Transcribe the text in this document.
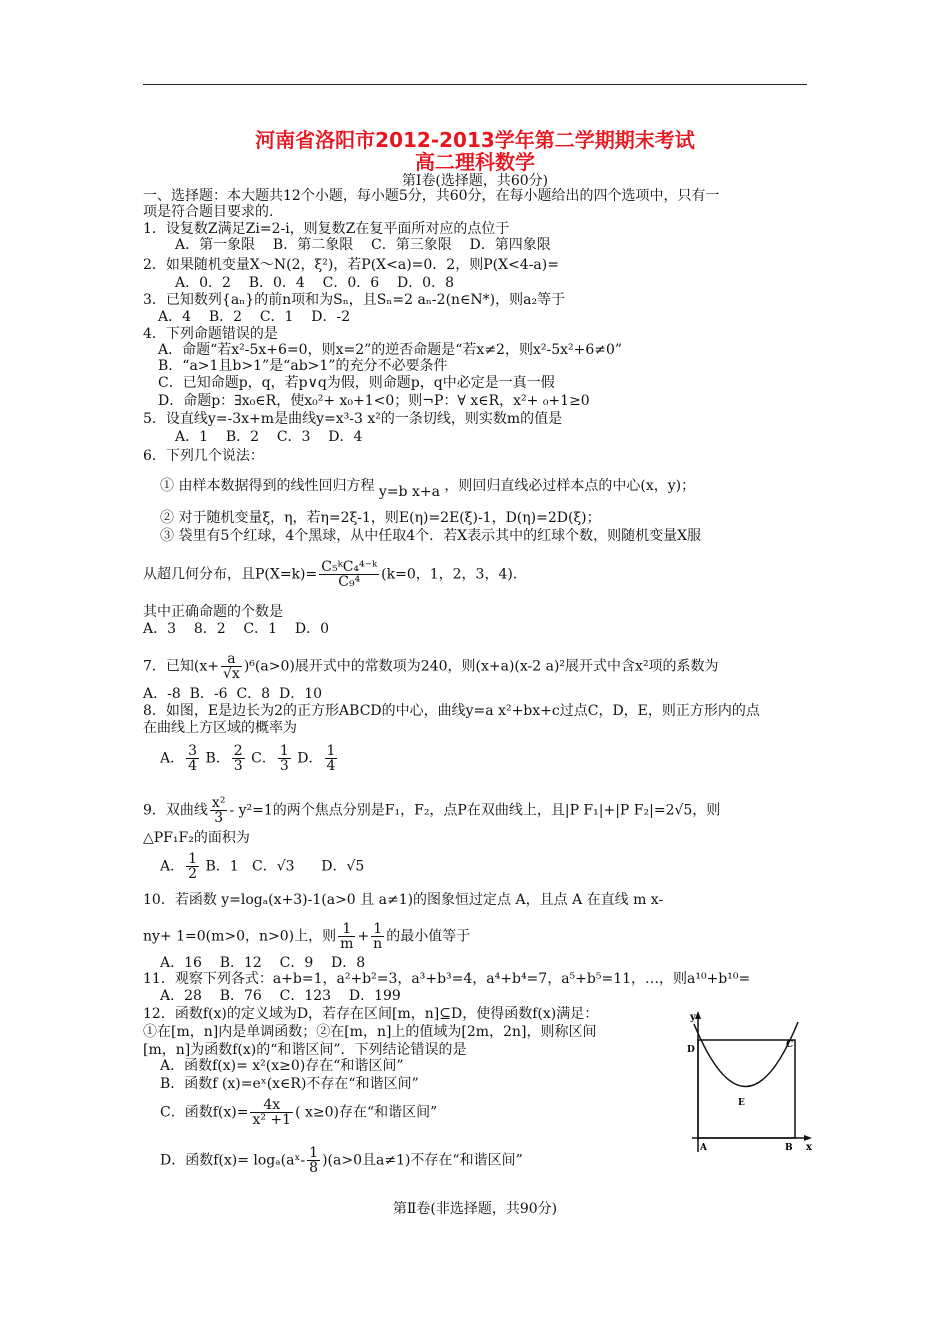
河南省洛阳市2012-2013学年第二学期期末考试
高二理科数学
第Ⅰ卷(选择题，共60分)
一、选择题：本大题共12个小题，每小题5分，共60分，在每小题给出的四个选项中，只有一
项是符合题目要求的.
1．设复数Z满足Zi=2-i，则复数Z在复平面所对应的点位于
A．第一象限    B．第二象限    C．第三象限    D．第四象限
2．如果随机变量X～N(2，ξ²)，若P(X<a)=0．2，则P(X<4-a)=
A．0．2    B．0．4    C．0．6    D．0．8
3．已知数列{aₙ}的前n项和为Sₙ，且Sₙ=2 aₙ-2(n∈N*)，则a₂等于
A．4    B．2    C．1    D．-2
4．下列命题错误的是
A．命题“若x²-5x+6=0，则x=2”的逆否命题是“若x≠2，则x²-5x²+6≠0”
B．“a>1且b>1”是“ab>1”的充分不必要条件
C．已知命题p，q，若p∨q为假，则命题p，q中必定是一真一假
D．命题p：∃x₀∈R，使x₀²+ x₀+1<0；则¬P：∀ x∈R，x²+ ₀+1≥0
5．设直线y=-3x+m是曲线y=x³-3 x²的一条切线，则实数m的值是
A．1    B．2    C．3    D．4
6．下列几个说法：
① 由样本数据得到的线性回归方程 y=b x+a ，则回归直线必过样本点的中心(x，y)；
② 对于随机变量ξ，η，若η=2ξ-1，则E(η)=2E(ξ)-1，D(η)=2D(ξ)；
③ 袋里有5个红球，4个黑球，从中任取4个．若X表示其中的红球个数，则随机变量X服
从超几何分布，且$P(X=k)= \frac{\text{C₅ᵏC₄⁴⁻ᵏ}}{\text{C₉⁴}} (k=0$，1，2，3，4)．
其中正确命题的个数是
A．3    8．2    C．1    D．0
7．已知$(x+ \frac{a}{√x} )^6(a>0)$展开式中的常数项为240，则(x+a)(x-2 a)²展开式中含x²项的系数为
A．-8  B．-6  C．8  D．10
8．如图，E是边长为2的正方形ABCD的中心，曲线y=a x²+bx+c过点C，D，E，则正方形内的点
在曲线上方区域的概率为
A． $\frac{3}{4}$ B． $\frac{2}{3}$ C． $\frac{1}{3}$ D． $\frac{1}{4}$
9．双曲线 $\frac{\text{x²}}{3} - y^2=1$的两个焦点分别是F₁，F₂，点P在双曲线上，且|P F₁|+|P F₂|=2√5，则
△PF₁F₂的面积为
A． $\frac{1}{2}$ B．1   C．√3      D．√5
10．若函数 y=logₐ(x+3)-1(a>0 且 a≠1)的图象恒过定点 A，且点 A 在直线 m x-
ny+ 1=0(m>0，n>0)上，则 $\frac{1}{m} + \frac{1}{n}$ 的最小值等于
A．16    B．12    C．9    D．8
11．观察下列各式：a+b=1，a²+b²=3，a³+b³=4，a⁴+b⁴=7，a⁵+b⁵=11，…，则a¹⁰+b¹⁰=
A．28    B．76    C．123    D．199
12．函数f(x)的定义域为D，若存在区间[m，n]⊆D，使得函数f(x)满足：
①在[m，n]内是单调函数；②在[m，n]上的值域为[2m，2n]，则称区间
[m，n]为函数f(x)的“和谐区间”．下列结论错误的是
A．函数f(x)= x²(x≥0)存在“和谐区间”
B．函数f (x)=eˣ(x∈R)不存在“和谐区间”
C．函数$f(x)= \frac{4x}{\text{x² +1}}$ ( x≥0)存在“和谐区间”
D．函数f(x)= logₐ(aˣ- $\frac{1}{8} )(a>0$且a≠1)不存在“和谐区间”
y
x
A	B
C
D
E
第Ⅱ卷(非选择题，共90分)
